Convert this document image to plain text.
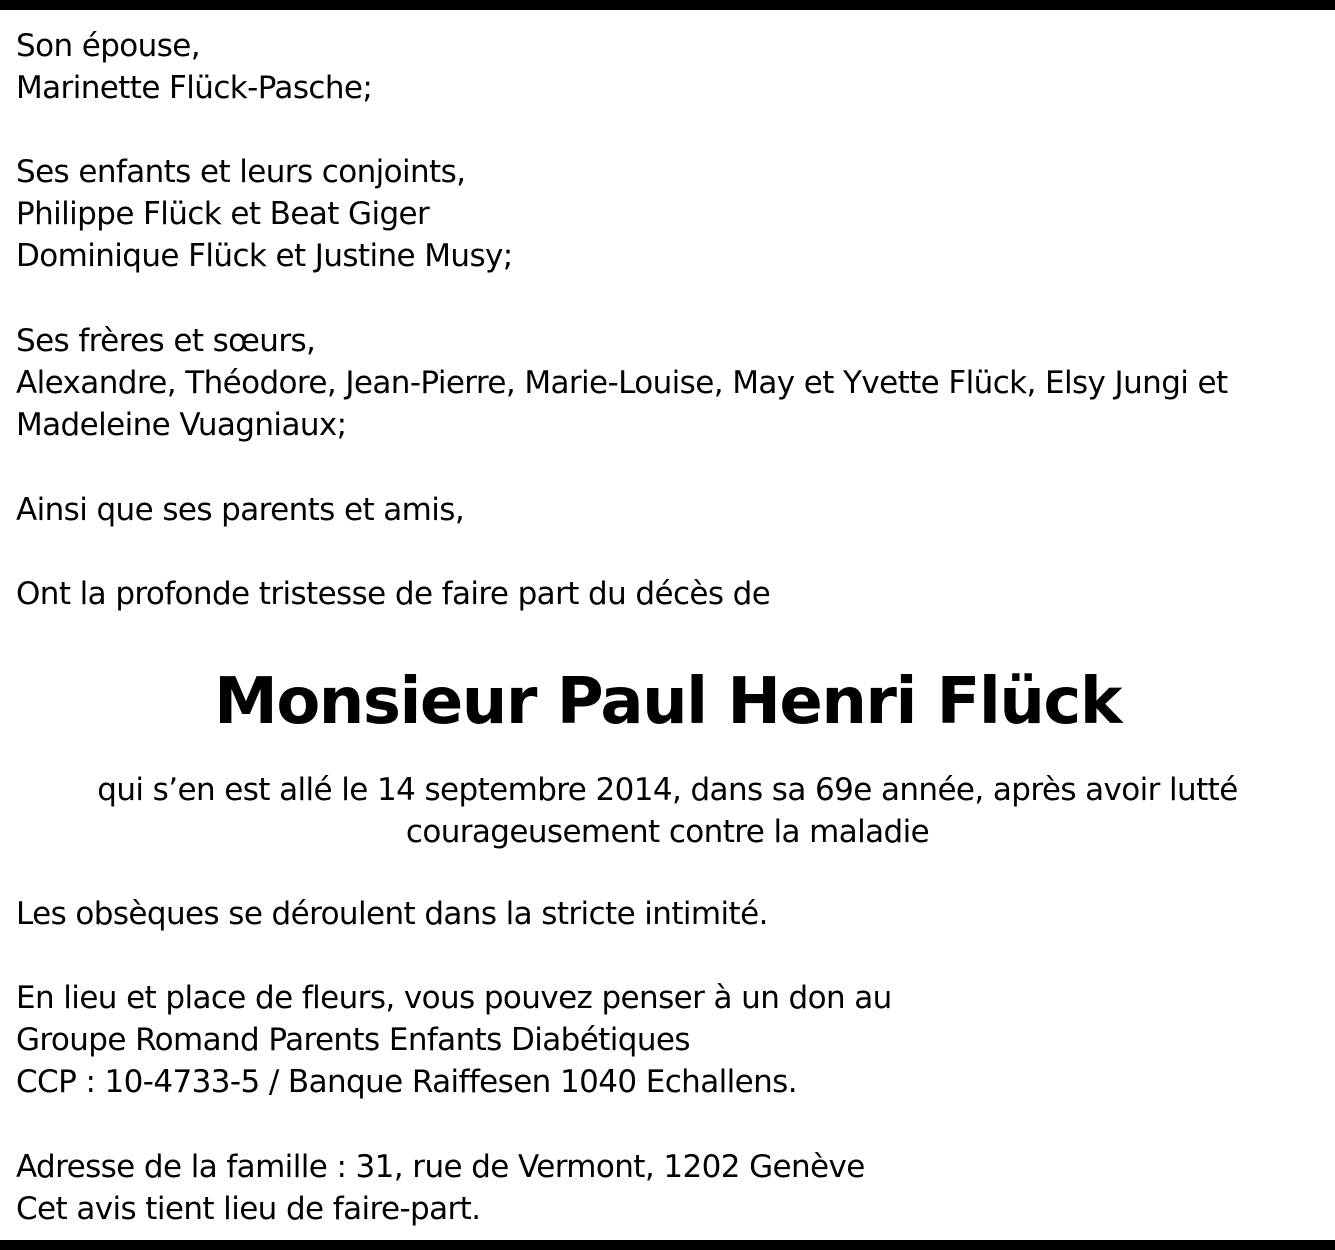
Son épouse,
Marinette Flück-Pasche;
Ses enfants et leurs conjoints,
Philippe Flück et Beat Giger
Dominique Flück et Justine Musy;
Ses frères et sœurs,
Alexandre, Théodore, Jean-Pierre, Marie-Louise, May et Yvette Flück, Elsy Jungi et
Madeleine Vuagniaux;
Ainsi que ses parents et amis,
Ont la profonde tristesse de faire part du décès de
Monsieur Paul Henri Flück
qui s’en est allé le 14 septembre 2014, dans sa 69e année, après avoir lutté
courageusement contre la maladie
Les obsèques se déroulent dans la stricte intimité.
En lieu et place de fleurs, vous pouvez penser à un don au
Groupe Romand Parents Enfants Diabétiques
CCP : 10-4733-5 / Banque Raiffesen 1040 Echallens.
Adresse de la famille : 31, rue de Vermont, 1202 Genève
Cet avis tient lieu de faire-part.
